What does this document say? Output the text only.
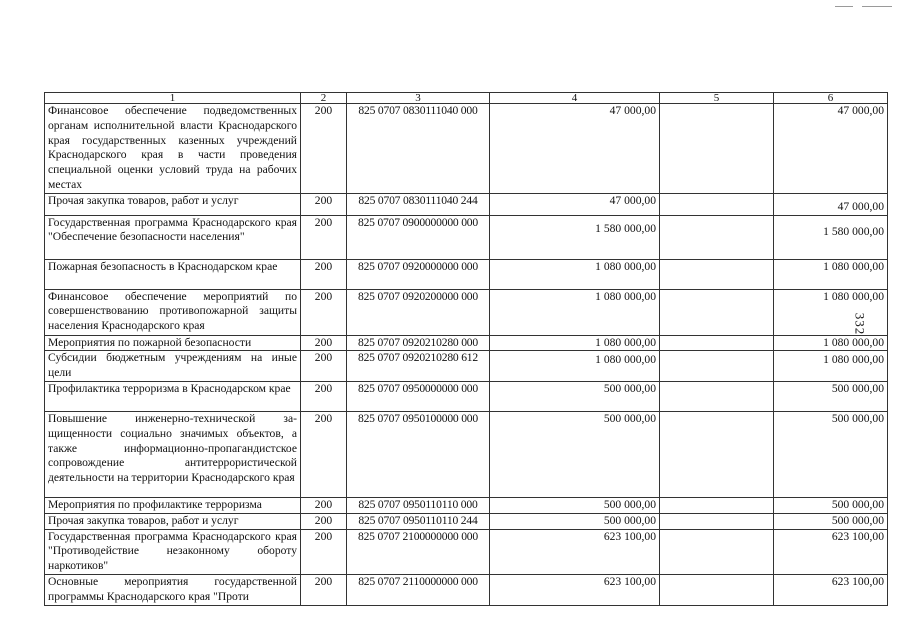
332
1	2	3	4	5	6
Финансовое обеспечение подведомственных органам исполнительной власти Краснодарского края государственных казенных учреждений Краснодарского края в части проведения специальной оценки условий труда на рабочих местах	200	825 0707 0830111040 000	47 000,00		47 000,00
Прочая закупка товаров, работ и услуг	200	825 0707 0830111040 244	47 000,00		47 000,00
Государственная программа Краснодарского края "Обеспечение безопасности населения"	200	825 0707 0900000000 000	1 580 000,00		1 580 000,00
Пожарная безопасность в Краснодарском крае	200	825 0707 0920000000 000	1 080 000,00		1 080 000,00
Финансовое обеспечение мероприятий по совершенствованию противопожарной защиты населения Краснодарского края	200	825 0707 0920200000 000	1 080 000,00		1 080 000,00
Мероприятия по пожарной безопасности	200	825 0707 0920210280 000	1 080 000,00		1 080 000,00
Субсидии бюджетным учреждениям на иные цели	200	825 0707 0920210280 612	1 080 000,00		1 080 000,00
Профилактика терроризма в Краснодарском крае	200	825 0707 0950000000 000	500 000,00		500 000,00
Повышение инженерно-технической защищенности социально значимых объектов, а также информационно-пропагандистское сопровождение антитеррористической деятельности на территории Краснодарского края	200	825 0707 0950100000 000	500 000,00		500 000,00
Мероприятия по профилактике терроризма	200	825 0707 0950110110 000	500 000,00		500 000,00
Прочая закупка товаров, работ и услуг	200	825 0707 0950110110 244	500 000,00		500 000,00
Государственная программа Краснодарского края "Противодействие незаконному обороту наркотиков"	200	825 0707 2100000000 000	623 100,00		623 100,00
Основные мероприятия государственной программы Краснодарского края "Проти	200	825 0707 2110000000 000	623 100,00		623 100,00
